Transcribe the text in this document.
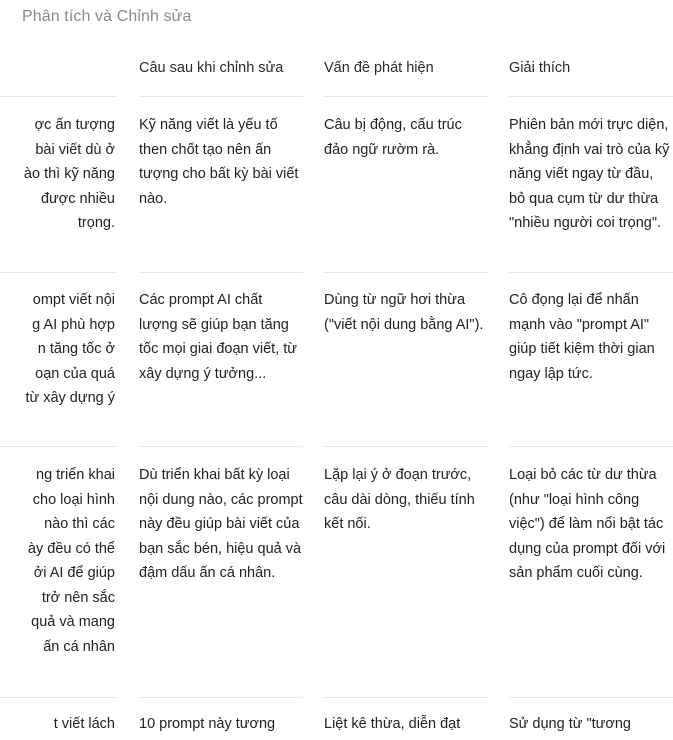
Phân tích và Chỉnh sửa
ợc ấn tượng
bài viết dù ở
ào thì kỹ năng
được nhiều
trọng.
ompt viết nội
g AI phù hợp
n tăng tốc ở
oạn của quá
từ xây dựng ý
ng triển khai
cho loại hình
nào thì các
ày đều có thể
ởi AI để giúp
trở nên sắc
quả và mang
ấn cá nhân
t viết lách
Câu sau khi chỉnh sửa
Kỹ năng viết là yếu tố then chốt tạo nên ấn tượng cho bất kỳ bài viết nào.
Các prompt AI chất lượng sẽ giúp bạn tăng tốc mọi giai đoạn viết, từ xây dựng ý tưởng...
Dù triển khai bất kỳ loại nội dung nào, các prompt này đều giúp bài viết của bạn sắc bén, hiệu quả và đậm dấu ấn cá nhân.
10 prompt này tương
Vấn đề phát hiện
Câu bị động, cấu trúc đảo ngữ rườm rà.
Dùng từ ngữ hơi thừa ("viết nội dung bằng AI").
Lặp lại ý ở đoạn trước, câu dài dòng, thiếu tính kết nối.
Liệt kê thừa, diễn đạt
Giải thích
Phiên bản mới trực diện, khẳng định vai trò của kỹ năng viết ngay từ đầu, bỏ qua cụm từ dư thừa "nhiều người coi trọng".
Cô đọng lại để nhấn mạnh vào "prompt AI" giúp tiết kiệm thời gian ngay lập tức.
Loại bỏ các từ dư thừa (như "loại hình công việc") để làm nổi bật tác dụng của prompt đối với sản phẩm cuối cùng.
Sử dụng từ "tương
